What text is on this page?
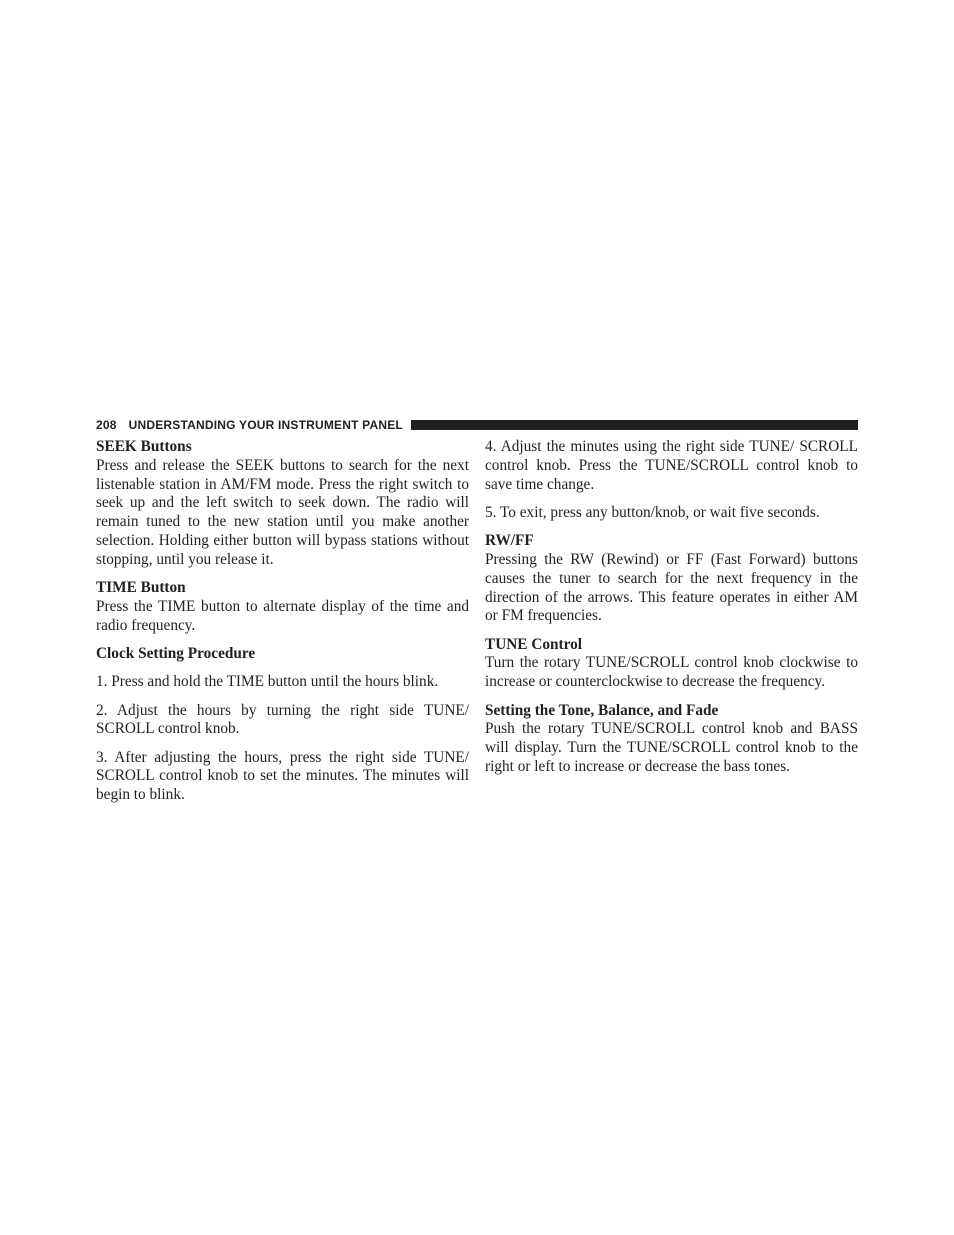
208 UNDERSTANDING YOUR INSTRUMENT PANEL
SEEK Buttons

Press and release the SEEK buttons to search for the next listenable station in AM/FM mode. Press the right switch to seek up and the left switch to seek down. The radio will remain tuned to the new station until you make another selection. Holding either button will bypass stations without stopping, until you release it.

TIME Button

Press the TIME button to alternate display of the time and radio frequency.

Clock Setting Procedure

1. Press and hold the TIME button until the hours blink.

2. Adjust the hours by turning the right side TUNE/ SCROLL control knob.

3. After adjusting the hours, press the right side TUNE/ SCROLL control knob to set the minutes. The minutes will begin to blink.

4. Adjust the minutes using the right side TUNE/ SCROLL control knob. Press the TUNE/SCROLL control knob to save time change.

5. To exit, press any button/knob, or wait five seconds.

RW/FF

Pressing the RW (Rewind) or FF (Fast Forward) buttons causes the tuner to search for the next frequency in the direction of the arrows. This feature operates in either AM or FM frequencies.

TUNE Control

Turn the rotary TUNE/SCROLL control knob clockwise to increase or counterclockwise to decrease the frequency.

Setting the Tone, Balance, and Fade

Push the rotary TUNE/SCROLL control knob and BASS will display. Turn the TUNE/SCROLL control knob to the right or left to increase or decrease the bass tones.
